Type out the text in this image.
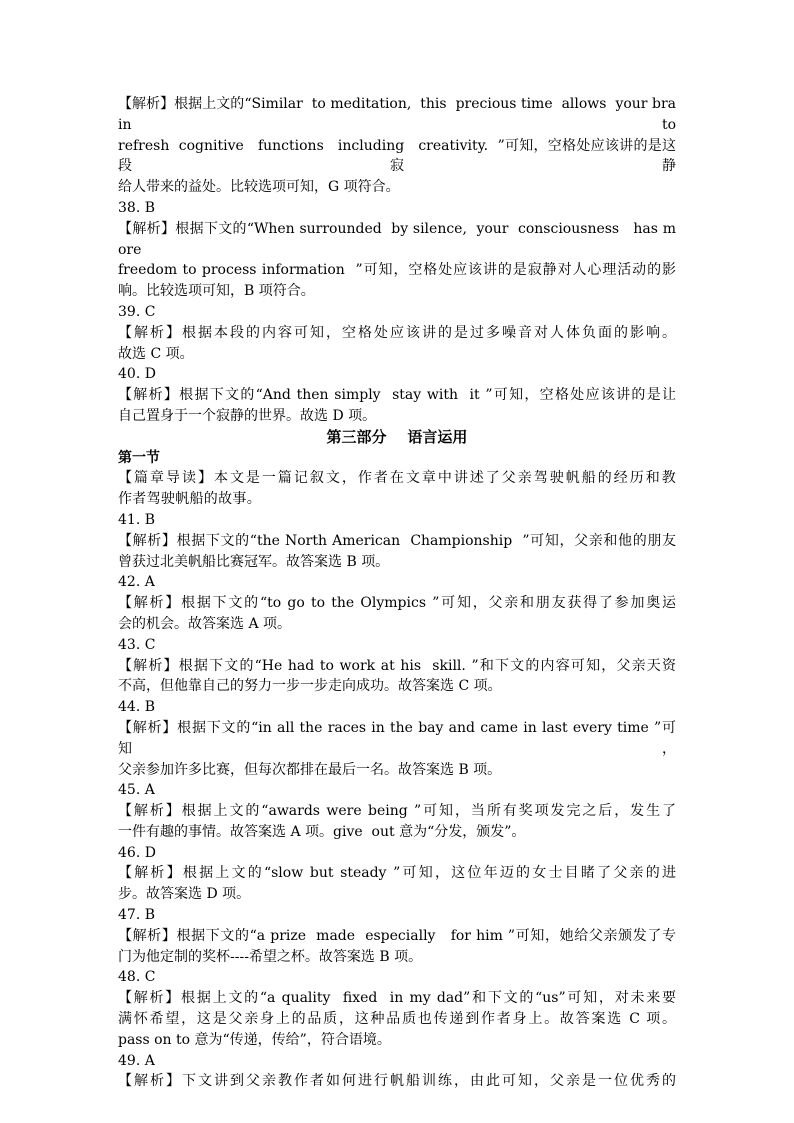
【解析】根据上文的“Similar  to meditation,  this  precious time  allows  your brain  to
refresh  cognitive   functions   including   creativity.  ”可知，空格处应该讲的是这段寂静
给人带来的益处。比较选项可知，G 项符合。
38. B
【解析】根据下文的“When surrounded  by silence,  your  consciousness   has more
freedom to process information  ”可知，空格处应该讲的是寂静对人心理活动的影
响。比较选项可知，B 项符合。
39. C
【解析】根据本段的内容可知，空格处应该讲的是过多噪音对人体负面的影响。
故选 C 项。
40. D
【解析】根据下文的“And then simply  stay with  it ”可知，空格处应该讲的是让
自己置身于一个寂静的世界。故选 D 项。
第三部分    语言运用
第一节
【篇章导读】本文是一篇记叙文，作者在文章中讲述了父亲驾驶帆船的经历和教
作者驾驶帆船的故事。
41. B
【解析】根据下文的“the North American  Championship  ”可知，父亲和他的朋友
曾获过北美帆船比赛冠军。故答案选 B 项。
42. A
【解析】根据下文的“to go to the Olympics ”可知，父亲和朋友获得了参加奥运
会的机会。故答案选 A 项。
43. C
【解析】根据下文的“He had to work at his  skill. ”和下文的内容可知，父亲天资
不高，但他靠自己的努力一步一步走向成功。故答案选 C 项。
44. B
【解析】根据下文的“in all the races in the bay and came in last every time ”可知，
父亲参加许多比赛，但每次都排在最后一名。故答案选 B 项。
45. A
【解析】根据上文的“awards were being ”可知，当所有奖项发完之后，发生了
一件有趣的事情。故答案选 A 项。give  out 意为“分发，颁发”。
46. D
【解析】根据上文的“slow but steady ”可知，这位年迈的女士目睹了父亲的进
步。故答案选 D 项。
47. B
【解析】根据下文的“a prize  made  especially   for him ”可知，她给父亲颁发了专
门为他定制的奖杯----希望之杯。故答案选 B 项。
48. C
【解析】根据上文的“a quality  fixed  in my dad”和下文的“us”可知，对未来要
满怀希望，这是父亲身上的品质，这种品质也传递到作者身上。故答案选 C 项。
pass on to 意为“传递，传给”，符合语境。
49. A
【解析】下文讲到父亲教作者如何进行帆船训练，由此可知，父亲是一位优秀的
